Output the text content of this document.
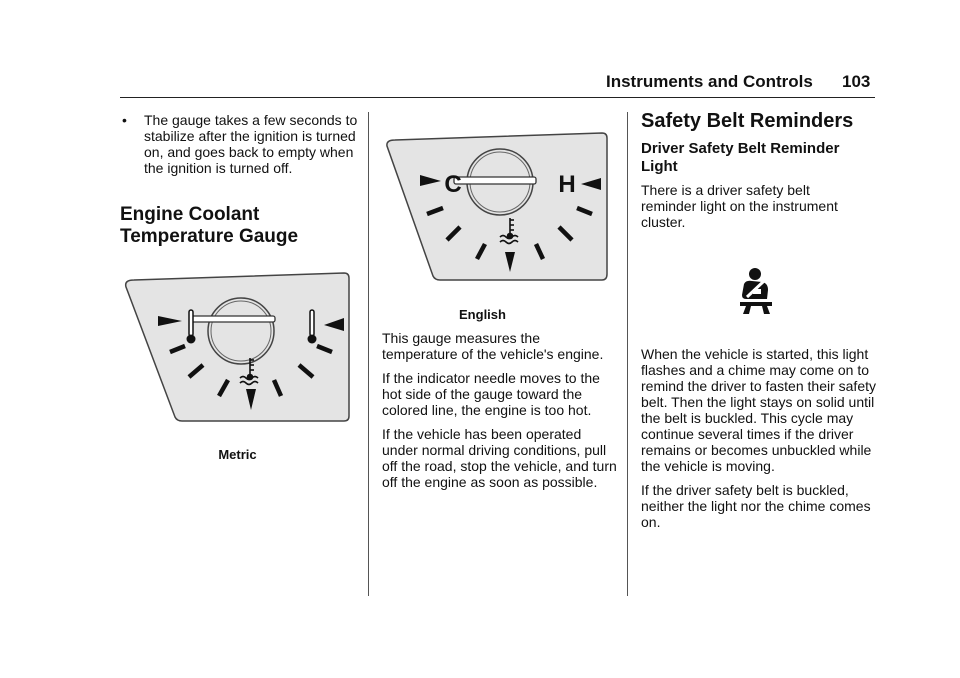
Instruments and Controls 103
•	The gauge takes a few seconds to stabilize after the ignition is turned on, and goes back to empty when the ignition is turned off.

Engine Coolant
Temperature Gauge
Metric
C	H
English

This gauge measures the temperature of the vehicle's engine.

If the indicator needle moves to the hot side of the gauge toward the colored line, the engine is too hot.

If the vehicle has been operated under normal driving conditions, pull off the road, stop the vehicle, and turn off the engine as soon as possible.

Safety Belt Reminders
Driver Safety Belt Reminder
Light

There is a driver safety belt reminder light on the instrument cluster.

When the vehicle is started, this light flashes and a chime may come on to remind the driver to fasten their safety belt. Then the light stays on solid until the belt is buckled. This cycle may continue several times if the driver remains or becomes unbuckled while the vehicle is moving.

If the driver safety belt is buckled, neither the light nor the chime comes on.
